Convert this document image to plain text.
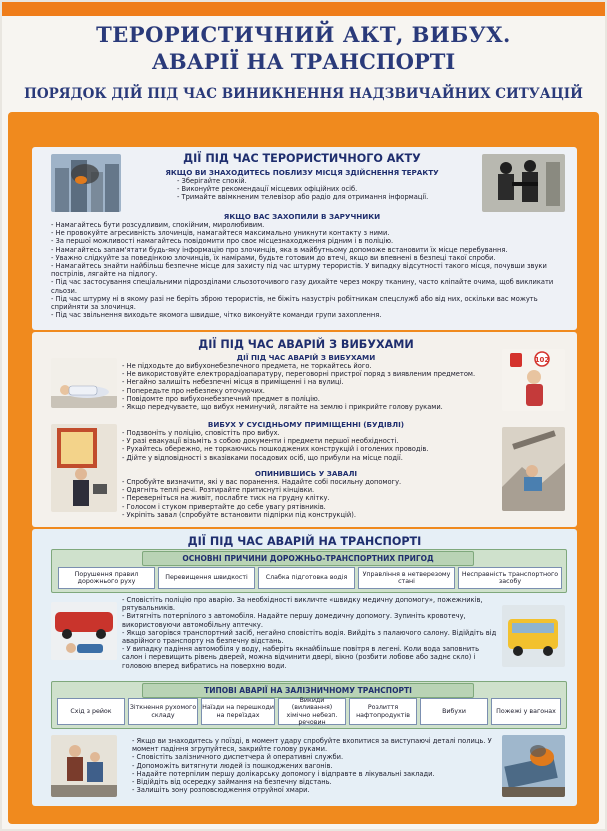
ТЕРОРИСТИЧНИЙ АКТ, ВИБУХ.
АВАРІЇ НА ТРАНСПОРТІ
ПОРЯДОК ДІЙ ПІД ЧАС ВИНИКНЕННЯ НАДЗВИЧАЙНИХ СИТУАЦІЙ
ДІЇ ПІД ЧАС ТЕРОРИСТИЧНОГО АКТУ
ЯКЩО ВИ ЗНАХОДИТЕСЬ ПОБЛИЗУ МІСЦЯ ЗДІЙСНЕННЯ ТЕРАКТУ
- Зберігайте спокій.
- Виконуйте рекомендації місцевих офіційних осіб.
- Тримайте ввімкненим телевізор або радіо для отримання інформації.
ЯКЩО ВАС ЗАХОПИЛИ В ЗАРУЧНИКИ
- Намагайтесь бути розсудливим, спокійним, миролюбивим.
- Не провокуйте агресивність злочинців, намагайтеся максимально уникнути контакту з ними.
- За першої можливості намагайтесь повідомити про своє місцезнаходження рідним і в поліцію.
- Намагайтесь запам'ятати будь-яку інформацію про злочинців, яка в майбутньому допоможе встановити їх місце перебування.
- Уважно слідкуйте за поведінкою злочинців, їх намірами, будьте готовим до втечі, якщо ви впевнені в безпеці такої спроби.
- Намагайтесь знайти найбільш безпечне місце для захисту під час штурму терористів. У випадку відсутності такого місця, почувши звуки пострілів, лягайте на підлогу.
- Під час застосування спеціальними підрозділами сльозоточивого газу дихайте через мокру тканину, часто кліпайте очима, щоб викликати сльози.
- Під час штурму ні в якому разі не беріть зброю терористів, не біжіть назустріч робітникам спецслужб або від них, оскільки вас можуть сприйняти за злочинця.
- Під час звільнення виходьте якомога швидше, чітко виконуйте команди групи захоплення.
ДІЇ ПІД ЧАС АВАРІЙ З ВИБУХАМИ
ДІЇ ПІД ЧАС АВАРІЙ З ВИБУХАМИ
- Не підходьте до вибухонебезпечного предмета, не торкайтесь його.
- Не використовуйте електрорадіоапаратуру, переговорні пристрої поряд з виявленим предметом.
- Негайно залишіть небезпечні місця в приміщенні і на вулиці.
- Попередьте про небезпеку оточуючих.
- Повідомте про вибухонебезпечний предмет в поліцію.
- Якщо передчуваєте, що вибух неминучий, лягайте на землю і прикрийте голову руками.
ВИБУХ У СУСІДНЬОМУ ПРИМІЩЕННІ (БУДІВЛІ)
- Подзвоніть у поліцію, сповістіть про вибух.
- У разі евакуації візьміть з собою документи і предмети першої необхідності.
- Рухайтесь обережно, не торкаючись пошкоджених конструкцій і оголених проводів.
- Дійте у відповідності з вказівками посадових осіб, що прибули на місце події.
ОПИНИВШИСЬ У ЗАВАЛІ
- Спробуйте визначити, які у вас поранення. Надайте собі посильну допомогу.
- Одягніть теплі речі. Розтирайте притиснуті кінцівки.
- Переверніться на живіт, послабте тиск на грудну клітку.
- Голосом і стуком привертайте до себе увагу рятівників.
- Укріпіть завал (спробуйте встановити підпірки під конструкцій).
102
ДІЇ ПІД ЧАС АВАРІЙ НА ТРАНСПОРТІ
ОСНОВНІ ПРИЧИНИ ДОРОЖНЬО-ТРАНСПОРТНИХ ПРИГОД
Порушення правил дорожнього руху
Перевищення швидкості	Слабка підготовка водія
Управління в нетверезому стані
Несправність транспортного засобу
- Сповістіть поліцію про аварію. За необхідності викличте «швидку медичну допомогу», пожежників, рятувальників.
- Витягніть потерпілого з автомобіля. Надайте першу домедичну допомогу. Зупиніть кровотечу, використовуючи автомобільну аптечку.
- Якщо загорівся транспортний засіб, негайно сповістіть водія. Вийдіть з палаючого салону. Відійдіть від аварійного транспорту на безпечну відстань.
- У випадку падіння автомобіля у воду, наберіть якнайбільше повітря в легені. Коли вода заповнить салон і перевищить рівень дверей, можна відчинити двері, вікно (розбити лобове або заднє скло) і головою вперед вибратись на поверхню води.
ТИПОВІ АВАРІЇ НА ЗАЛІЗНИЧНОМУ ТРАНСПОРТІ
Схід з рейок
Зіткнення рухомого складу
Наїзди на перешкоди на переїздах
Викиди (виливання) хімічно небезп. речовин
Розлиття нафтопродуктів
Вибухи	Пожежі у вагонах
- Якщо ви знаходитесь у поїзді, в момент удару спробуйте вхопитися за виступаючі деталі полиць. У момент падіння згрупуйтеся, закрийте голову руками.
- Сповістіть залізничного диспетчера й оперативні служби.
- Допоможіть витягнути людей із пошкоджених вагонів.
- Надайте потерпілим першу долікарську допомогу і відправте в лікувальні заклади.
- Відійдіть від осередку займання на безпечну відстань.
- Залишіть зону розповсюдження отруйної хмари.
